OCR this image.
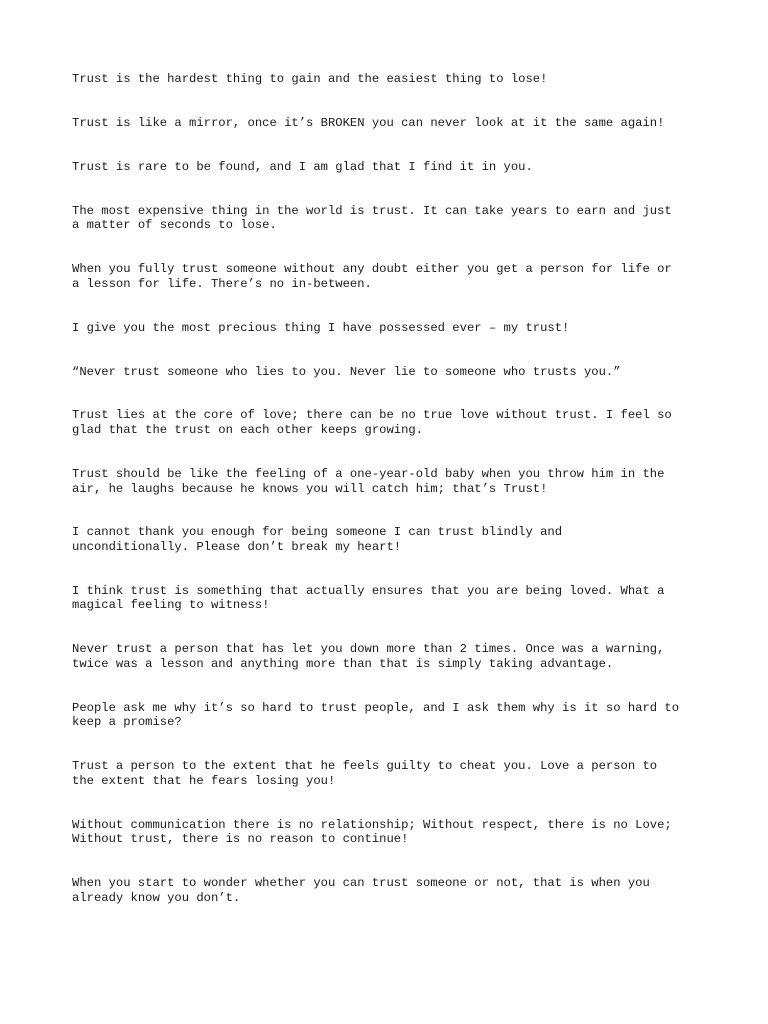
Trust is the hardest thing to gain and the easiest thing to lose!
Trust is like a mirror, once it’s BROKEN you can never look at it the same again!
Trust is rare to be found, and I am glad that I find it in you.
The most expensive thing in the world is trust. It can take years to earn and just
a matter of seconds to lose.
When you fully trust someone without any doubt either you get a person for life or
a lesson for life. There’s no in-between.
I give you the most precious thing I have possessed ever – my trust!
“Never trust someone who lies to you. Never lie to someone who trusts you.”
Trust lies at the core of love; there can be no true love without trust. I feel so
glad that the trust on each other keeps growing.
Trust should be like the feeling of a one-year-old baby when you throw him in the
air, he laughs because he knows you will catch him; that’s Trust!
I cannot thank you enough for being someone I can trust blindly and
unconditionally. Please don’t break my heart!
I think trust is something that actually ensures that you are being loved. What a
magical feeling to witness!
Never trust a person that has let you down more than 2 times. Once was a warning,
twice was a lesson and anything more than that is simply taking advantage.
People ask me why it’s so hard to trust people, and I ask them why is it so hard to
keep a promise?
Trust a person to the extent that he feels guilty to cheat you. Love a person to
the extent that he fears losing you!
Without communication there is no relationship; Without respect, there is no Love;
Without trust, there is no reason to continue!
When you start to wonder whether you can trust someone or not, that is when you
already know you don’t.
